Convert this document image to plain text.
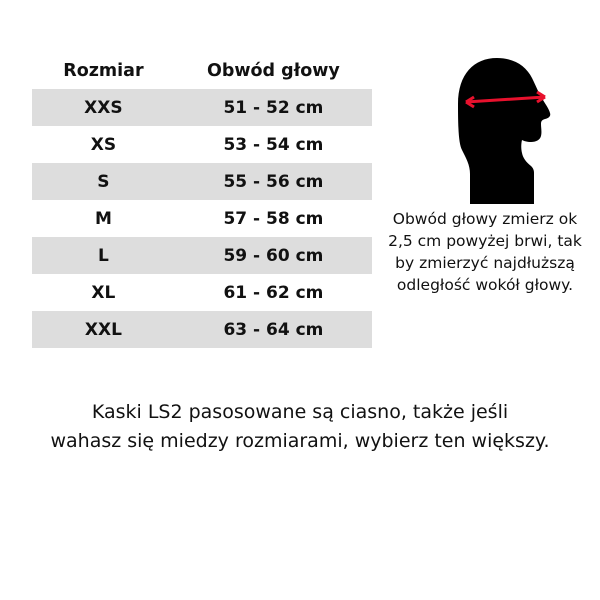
Rozmiar	Obwód głowy
XXS	51 - 52 cm
XS	53 - 54 cm
S	55 - 56 cm
M	57 - 58 cm
L	59 - 60 cm
XL	61 - 62 cm
XXL	63 - 64 cm
Obwód głowy zmierz ok 2,5 cm powyżej brwi, tak by zmierzyć najdłuższą odległość wokół głowy.
Kaski LS2 pasosowane są ciasno, także jeśli
wahasz się miedzy rozmiarami, wybierz ten większy.
